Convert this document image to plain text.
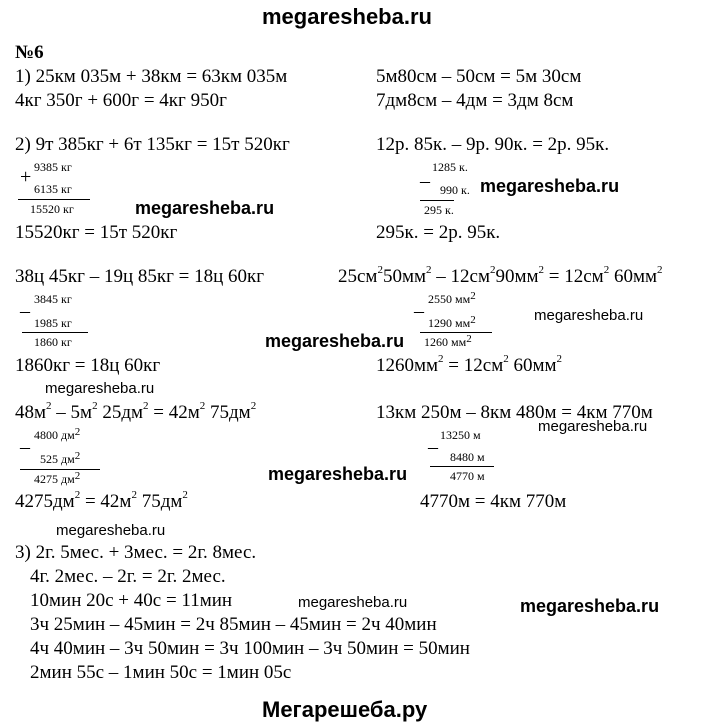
megaresheba.ru
Мегарешеба.ру
№6
1) 25км 035м + 38км = 63км 035м	5м80см – 50см = 5м 30см
4кг 350г + 600г = 4кг 950г	7дм8см – 4дм = 3дм 8см
2) 9т 385кг + 6т 135кг = 15т 520кг	12р. 85к. – 9р. 90к. = 2р. 95к.
+ 9385 кг
6135 кг
15520 кг
–
1285 к.
990 к.
295 к.
15520кг = 15т 520кг	295к. = 2р. 95к.
38ц 45кг – 19ц 85кг = 18ц 60кг	$25см^250мм^2 - 12см^290мм^2 = 12см^2$ $60мм^2$
–
3845 кг
1985 кг
1860 кг
–
2550 $мм^2$
1290 $мм^2$
1260 $мм^2$
1860кг = 18ц 60кг	$1260мм^2 = 12см^2$ $60мм^2$
$48м^2 - 5м^2$ $25дм^2 = 42м^2$ $75дм^2$	13км 250м – 8км 480м = 4км 770м
–
4800 $дм^2$
525 $дм^2$
4275 $дм^2$
–
13250 м
8480 м
4770 м
$4275дм^2 = 42м^2$ $75дм^2$	4770м = 4км 770м
3) 2г. 5мес. + 3мес. = 2г. 8мес.
4г. 2мес. – 2г. = 2г. 2мес.
10мин 20с + 40с = 11мин
3ч 25мин – 45мин = 2ч 85мин – 45мин = 2ч 40мин
4ч 40мин – 3ч 50мин = 3ч 100мин – 3ч 50мин = 50мин
2мин 55с – 1мин 50с = 1мин 05с
megaresheba.ru
megaresheba.ru
megaresheba.ru
megaresheba.ru
megaresheba.ru
megaresheba.ru
megaresheba.ru
megaresheba.ru
megaresheba.ru	megaresheba.ru
